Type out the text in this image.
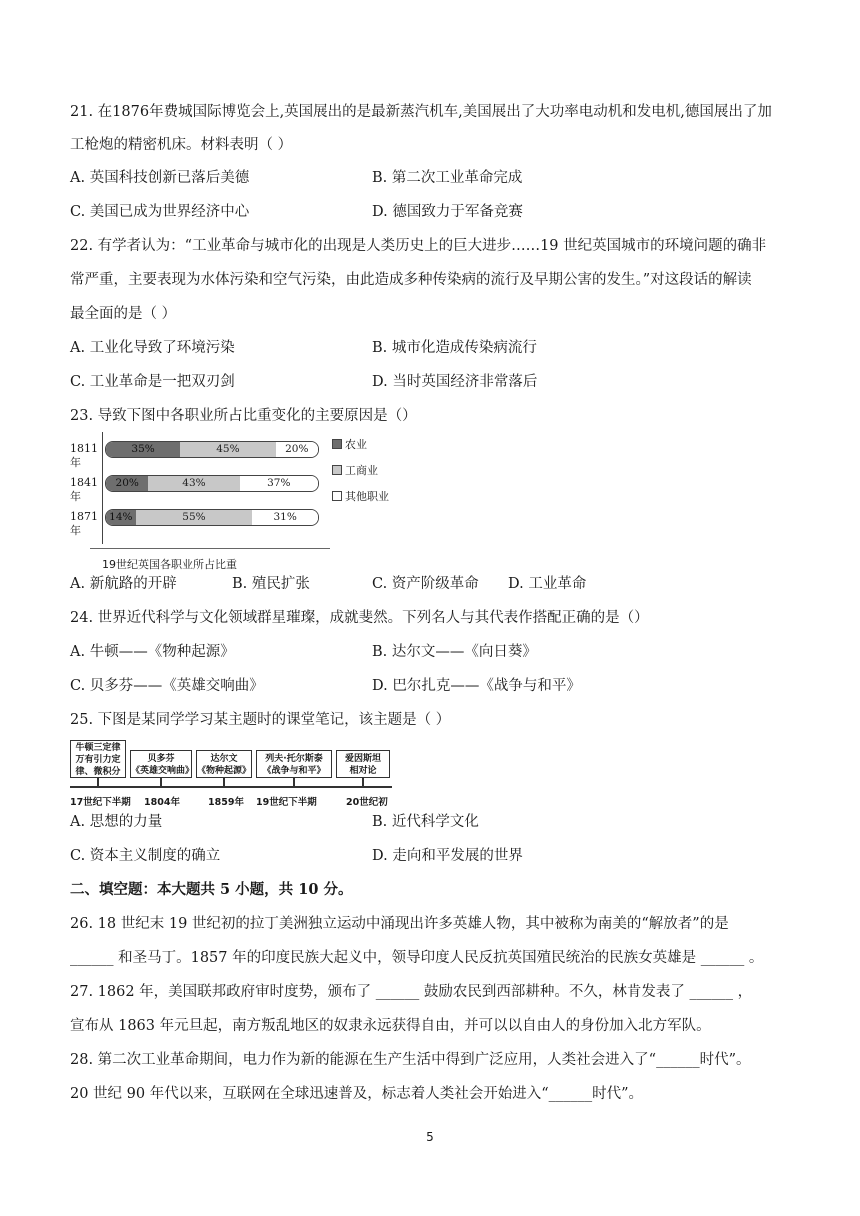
21. 在1876年费城国际博览会上,英国展出的是最新蒸汽机车,美国展出了大功率电动机和发电机,德国展出了加
工枪炮的精密机床。材料表明（ ）
A. 英国科技创新已落后美德	B. 第二次工业革命完成
C. 美国已成为世界经济中心	D. 德国致力于军备竞赛
22. 有学者认为：“工业革命与城市化的出现是人类历史上的巨大进步……19 世纪英国城市的环境问题的确非
常严重，主要表现为水体污染和空气污染，由此造成多种传染病的流行及早期公害的发生。”对这段话的解读
最全面的是（ ）
A. 工业化导致了环境污染	B. 城市化造成传染病流行
C. 工业革命是一把双刃剑	D. 当时英国经济非常落后
23. 导致下图中各职业所占比重变化的主要原因是（）
1811年
35%	45%	20%
1841年
20%	43%	37%
1871年
14%	55%	31%
农业
工商业
其他职业
19世纪英国各职业所占比重
A. 新航路的开辟	B. 殖民扩张	C. 资产阶级革命 D. 工业革命
24. 世界近代科学与文化领域群星璀璨，成就斐然。下列名人与其代表作搭配正确的是（）
A. 牛顿——《物种起源》	B. 达尔文——《向日葵》
C. 贝多芬——《英雄交响曲》	D. 巴尔扎克——《战争与和平》
25. 下图是某同学学习某主题时的课堂笔记，该主题是（ ）
牛顿三定律
万有引力定
律、微积分
贝多芬
《英雄交响曲》
达尔文
《物种起源》
列夫·托尔斯泰
《战争与和平》
爱因斯坦
相对论
17世纪下半期 1804年	1859年 19世纪下半期	20世纪初
A. 思想的力量	B. 近代科学文化
C. 资本主义制度的确立	D. 走向和平发展的世界
二、填空题：本大题共 5 小题，共 10 分。
26. 18 世纪末 19 世纪初的拉丁美洲独立运动中涌现出许多英雄人物，其中被称为南美的“解放者”的是
______ 和圣马丁。1857 年的印度民族大起义中，领导印度人民反抗英国殖民统治的民族女英雄是 ______ 。
27. 1862 年，美国联邦政府审时度势，颁布了 ______ 鼓励农民到西部耕种。不久，林肯发表了 ______ ，
宣布从 1863 年元旦起，南方叛乱地区的奴隶永远获得自由，并可以以自由人的身份加入北方军队。
28. 第二次工业革命期间，电力作为新的能源在生产生活中得到广泛应用，人类社会进入了“______时代”。
20 世纪 90 年代以来，互联网在全球迅速普及，标志着人类社会开始进入“______时代”。
5
